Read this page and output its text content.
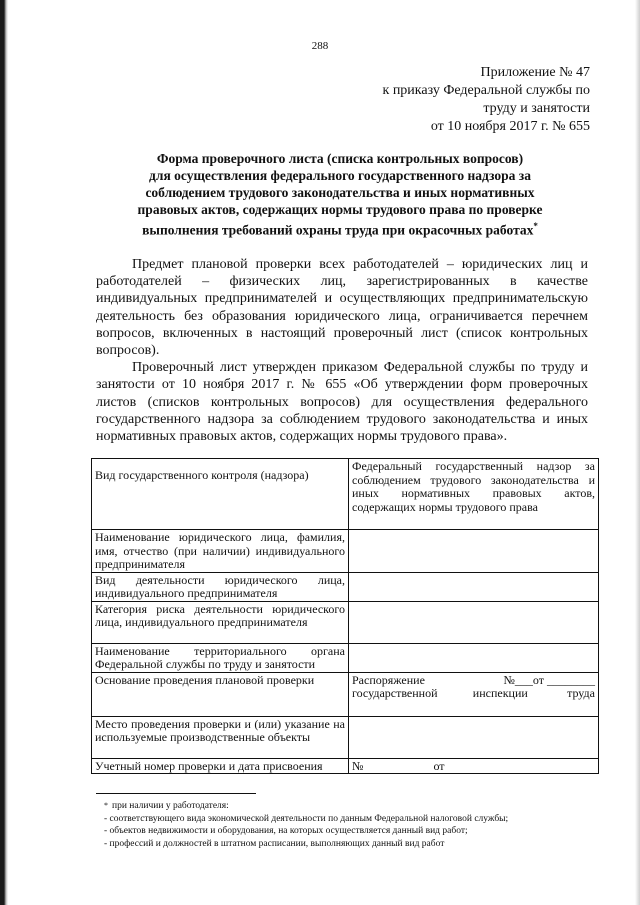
288
Приложение № 47
к приказу Федеральной службы по
труду и занятости
от 10 ноября 2017 г. № 655
Форма проверочного листа (списка контрольных вопросов)
для осуществления федерального государственного надзора за
соблюдением трудового законодательства и иных нормативных
правовых актов, содержащих нормы трудового права по проверке
выполнения требований охраны труда при окрасочных работах*

Предмет плановой проверки всех работодателей – юридических лиц и работодателей – физических лиц, зарегистрированных в качестве индивидуальных предпринимателей и осуществляющих предпринимательскую деятельность без образования юридического лица, ограничивается перечнем вопросов, включенных в настоящий проверочный лист (список контрольных вопросов).

Проверочный лист утвержден приказом Федеральной службы по труду и занятости от 10 ноября 2017 г. № 655 «Об утверждении форм проверочных листов (списков контрольных вопросов) для осуществления федерального государственного надзора за соблюдением трудового законодательства и иных нормативных правовых актов, содержащих нормы трудового права».

Вид государственного контроля (надзора)	Федеральный государственный надзор за соблюдением трудового законодательства и иных нормативных правовых актов, содержащих нормы трудового права
Наименование юридического лица, фамилия, имя, отчество (при наличии) индивидуального предпринимателя	
Вид деятельности юридического лица, индивидуального предпринимателя	
Категория риска деятельности юридического лица, индивидуального предпринимателя	
Наименование территориального органа Федеральной службы по труду и занятости	
Основание проведения плановой проверки	Распоряжение №___от ________
государственной инспекции труда

Место проведения проверки и (или) указание на используемые производственные объекты	
Учетный номер проверки и дата присвоения	№ от
* при наличии у работодателя:
- соответствующего вида экономической деятельности по данным Федеральной налоговой службы;
- объектов недвижимости и оборудования, на которых осуществляется данный вид работ;
- профессий и должностей в штатном расписании, выполняющих данный вид работ
